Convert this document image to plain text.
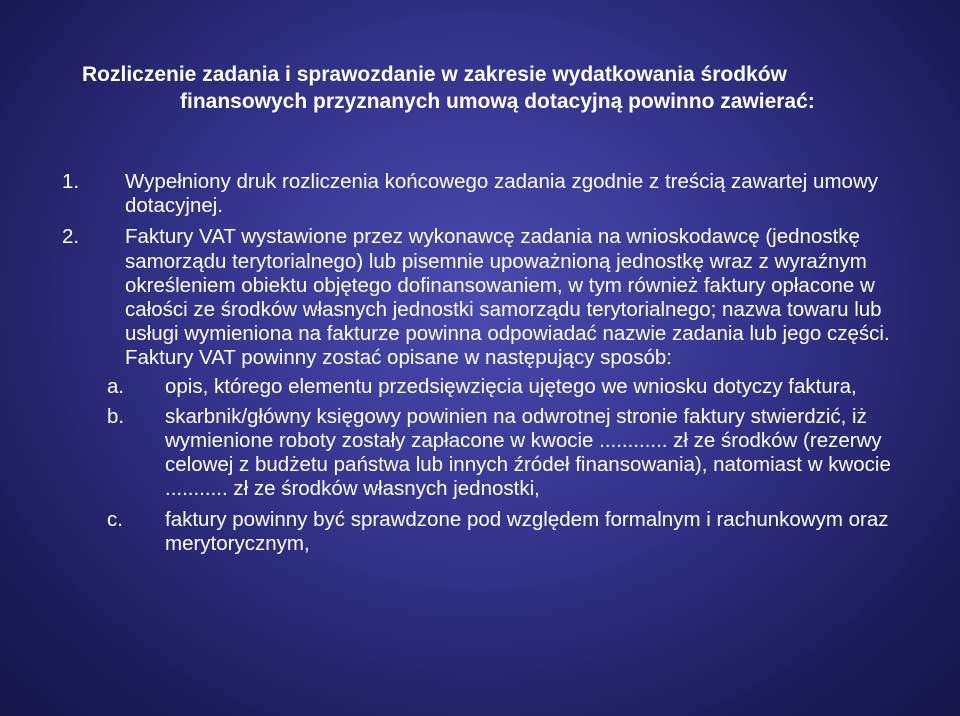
Rozliczenie zadania i sprawozdanie w zakresie wydatkowania środków
finansowych przyznanych umową dotacyjną powinno zawierać:
1. Wypełniony druk rozliczenia końcowego zadania zgodnie z treścią zawartej umowy dotacyjnej.
2. Faktury VAT wystawione przez wykonawcę zadania na wnioskodawcę (jednostkę samorządu terytorialnego) lub pisemnie upoważnioną jednostkę wraz z wyraźnym określeniem obiektu objętego dofinansowaniem, w tym również faktury opłacone w całości ze środków własnych jednostki samorządu terytorialnego; nazwa towaru lub usługi wymieniona na fakturze powinna odpowiadać nazwie zadania lub jego części. Faktury VAT powinny zostać opisane w następujący sposób:
a. opis, którego elementu przedsięwzięcia ujętego we wniosku dotyczy faktura,
b. skarbnik/główny księgowy powinien na odwrotnej stronie faktury stwierdzić, iż wymienione roboty zostały zapłacone w kwocie ............ zł ze środków (rezerwy celowej z budżetu państwa lub innych źródeł finansowania), natomiast w kwocie ........... zł ze środków własnych jednostki,
c. faktury powinny być sprawdzone pod względem formalnym i rachunkowym oraz merytorycznym,
